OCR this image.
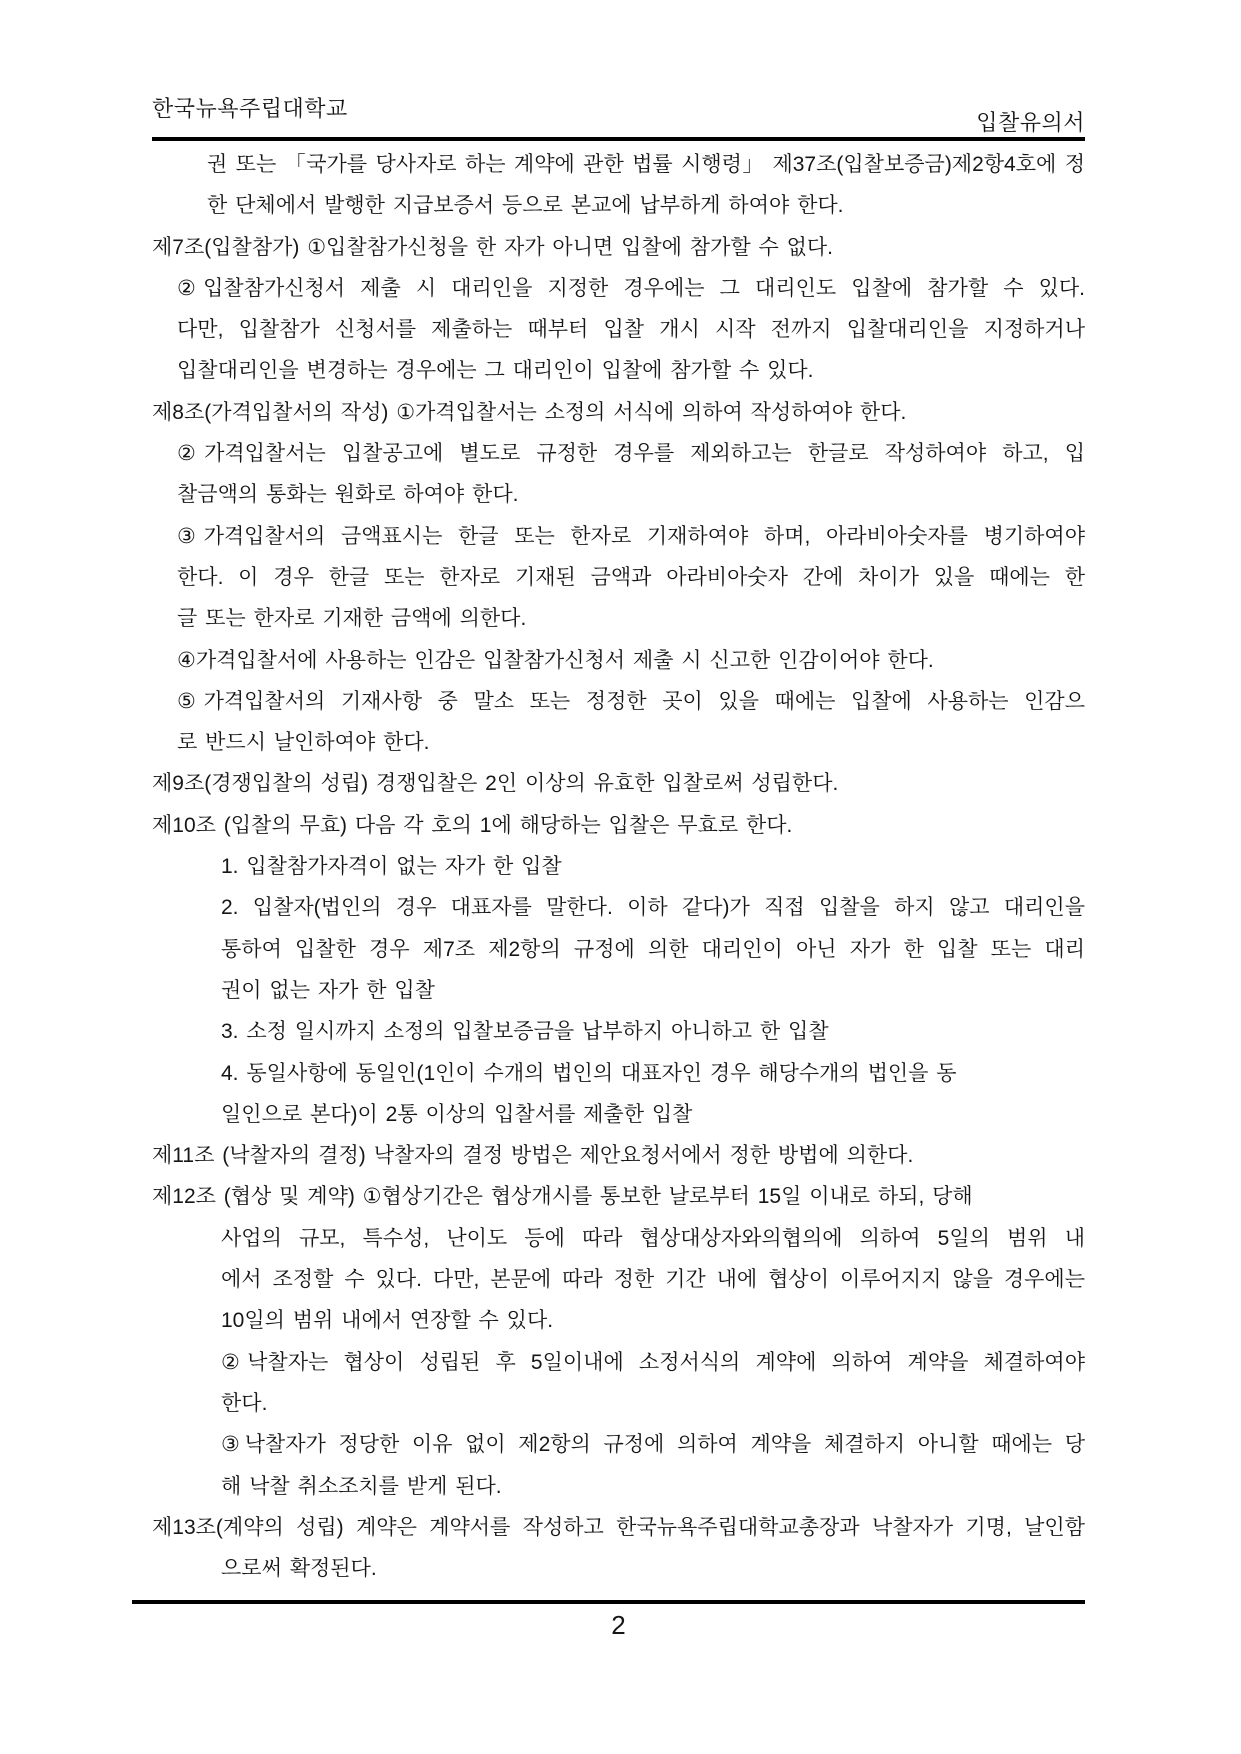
한국뉴욕주립대학교
입찰유의서
권 또는 「국가를 당사자로 하는 계약에 관한 법률 시행령」 제37조(입찰보증금)제2항4호에 정
한 단체에서 발행한 지급보증서 등으로 본교에 납부하게 하여야 한다.
제7조(입찰참가) ①입찰참가신청을 한 자가 아니면 입찰에 참가할 수 없다.
②입찰참가신청서 제출 시 대리인을 지정한 경우에는 그 대리인도 입찰에 참가할 수 있다.
다만, 입찰참가 신청서를 제출하는 때부터 입찰 개시 시작 전까지 입찰대리인을 지정하거나
입찰대리인을 변경하는 경우에는 그 대리인이 입찰에 참가할 수 있다.
제8조(가격입찰서의 작성) ①가격입찰서는 소정의 서식에 의하여 작성하여야 한다.
②가격입찰서는 입찰공고에 별도로 규정한 경우를 제외하고는 한글로 작성하여야 하고, 입
찰금액의 통화는 원화로 하여야 한다.
③가격입찰서의 금액표시는 한글 또는 한자로 기재하여야 하며, 아라비아숫자를 병기하여야
한다. 이 경우 한글 또는 한자로 기재된 금액과 아라비아숫자 간에 차이가 있을 때에는 한
글 또는 한자로 기재한 금액에 의한다.
④가격입찰서에 사용하는 인감은 입찰참가신청서 제출 시 신고한 인감이어야 한다.
⑤가격입찰서의 기재사항 중 말소 또는 정정한 곳이 있을 때에는 입찰에 사용하는 인감으
로 반드시 날인하여야 한다.
제9조(경쟁입찰의 성립) 경쟁입찰은 2인 이상의 유효한 입찰로써 성립한다.
제10조 (입찰의 무효) 다음 각 호의 1에 해당하는 입찰은 무효로 한다.
1. 입찰참가자격이 없는 자가 한 입찰
2. 입찰자(법인의 경우 대표자를 말한다. 이하 같다)가 직접 입찰을 하지 않고 대리인을
통하여 입찰한 경우 제7조 제2항의 규정에 의한 대리인이 아닌 자가 한 입찰 또는 대리
권이 없는 자가 한 입찰
3. 소정 일시까지 소정의 입찰보증금을 납부하지 아니하고 한 입찰
4. 동일사항에 동일인(1인이 수개의 법인의 대표자인 경우 해당수개의 법인을 동
일인으로 본다)이 2통 이상의 입찰서를 제출한 입찰
제11조 (낙찰자의 결정) 낙찰자의 결정 방법은 제안요청서에서 정한 방법에 의한다.
제12조 (협상 및 계약) ①협상기간은 협상개시를 통보한 날로부터 15일 이내로 하되, 당해
사업의 규모, 특수성, 난이도 등에 따라 협상대상자와의협의에 의하여 5일의 범위 내
에서 조정할 수 있다. 다만, 본문에 따라 정한 기간 내에 협상이 이루어지지 않을 경우에는
10일의 범위 내에서 연장할 수 있다.
②낙찰자는 협상이 성립된 후 5일이내에 소정서식의 계약에 의하여 계약을 체결하여야
한다.
③낙찰자가 정당한 이유 없이 제2항의 규정에 의하여 계약을 체결하지 아니할 때에는 당
해 낙찰 취소조치를 받게 된다.
제13조(계약의 성립) 계약은 계약서를 작성하고 한국뉴욕주립대학교총장과 낙찰자가 기명, 날인함
으로써 확정된다.
2
